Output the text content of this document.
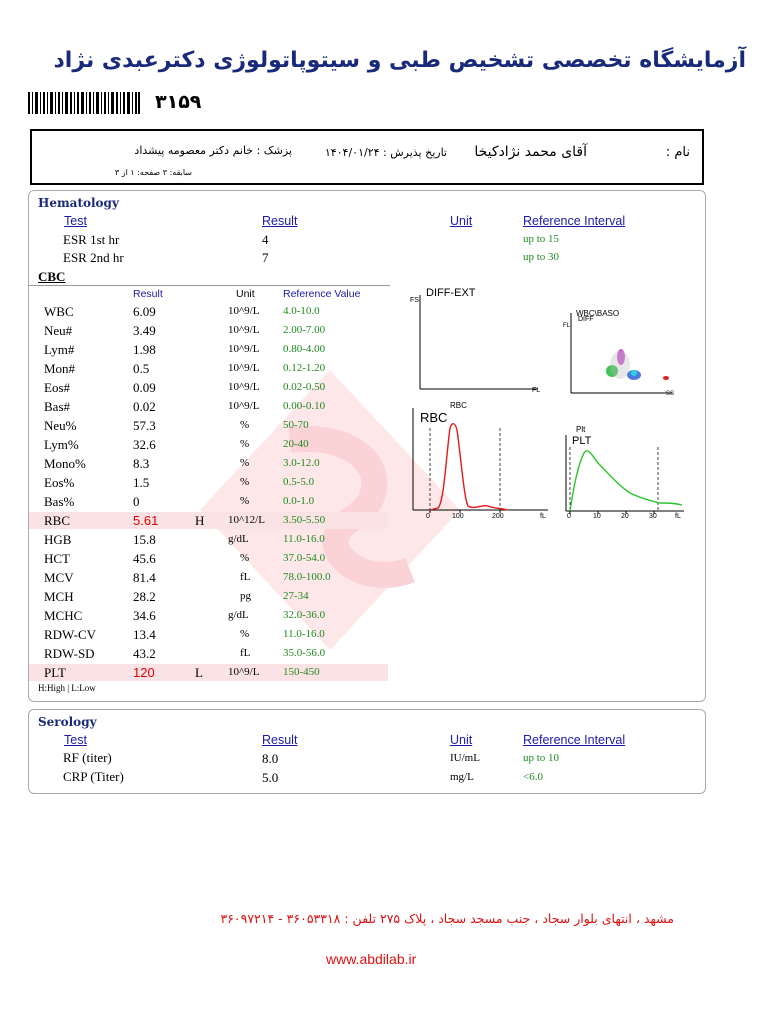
آزمایشگاه تخصصی تشخیص طبی و سیتوپاتولوژی دکترعبدی نژاد
۳۱۵۹
نام :
آقای محمد نژادکیخا
تاریخ پذیرش : ۱۴۰۴/۰۱/۲۴
پزشک : خانم دکتر معصومه پیشداد
سابقه: ۳ صفحه: ۱ از ۳
Hematology
Test	Result	Unit	Reference Interval
ESR 1st hr	4	up to 15
ESR 2nd hr	7	up to 30
CBC
Result	Unit	Reference Value
WBC	6.09	10^9/L 4.0-10.0
Neu#	3.49	10^9/L 2.00-7.00
Lym#	1.98	10^9/L 0.80-4.00
Mon#	0.5	10^9/L 0.12-1.20
Eos#	0.09	10^9/L 0.02-0.50
Bas#	0.02	10^9/L 0.00-0.10
Neu%	57.3	%	50-70
Lym%	32.6	%	20-40
Mono%	8.3	%	3.0-12.0
Eos%	1.5	%	0.5-5.0
Bas%	0	%	0.0-1.0
RBC	5.61	H 10^12/L 3.50-5.50
HGB	15.8	g/dL	11.0-16.0
HCT	45.6	%	37.0-54.0
MCV	81.4	fL	78.0-100.0
MCH	28.2	pg	27-34
MCHC	34.6	g/dL	32.0-36.0
RDW-CV	13.4	%	11.0-16.0
RDW-SD	43.2	fL	35.0-56.0
PLT	120	L 10^9/L 150-450
H:High | L:Low
FS
DIFF-EXT
FL
WBC\BASO
DIFF
FL
SS
RBC
RBC
0	100	200	fL
Plt
PLT
0	10	20	30	fL
Serology
Test	Result	Unit	Reference Interval
RF (titer)	8.0	IU/mL	up to 10
CRP (Titer)	5.0	mg/L	<6.0
مشهد ، انتهای بلوار سجاد ، جنب مسجد سجاد ، پلاک ۲۷۵ تلفن : ۳۶۰۵۳۳۱۸ - ۳۶۰۹۷۲۱۴
www.abdilab.ir
